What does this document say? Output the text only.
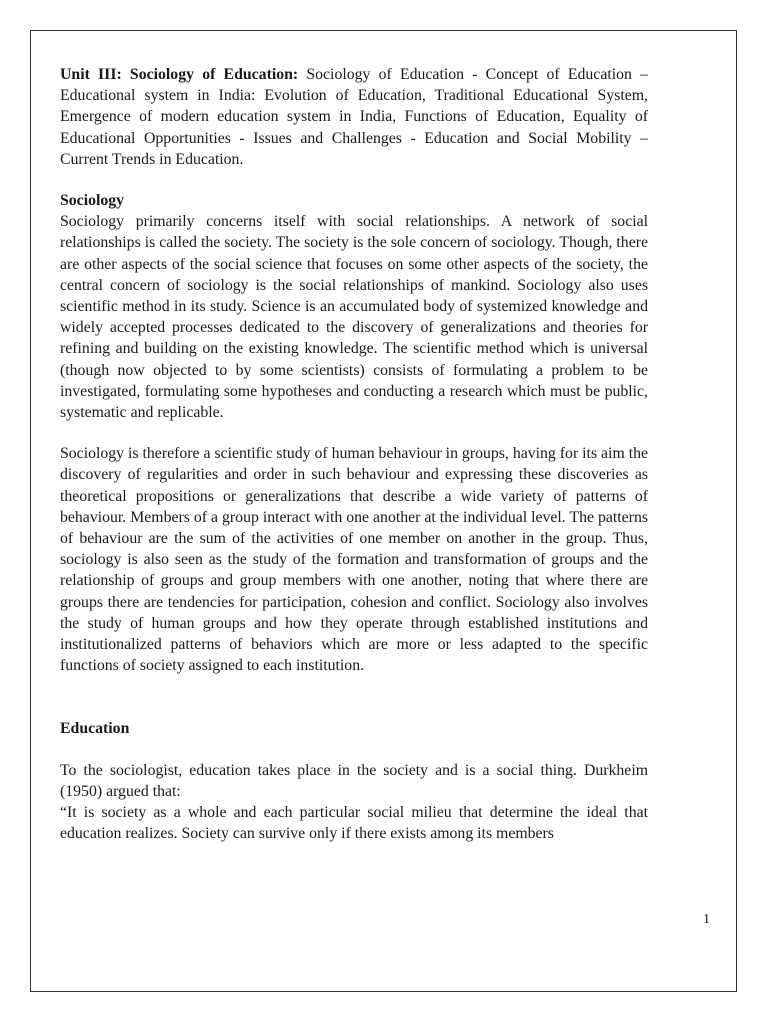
Unit III: Sociology of Education: Sociology of Education - Concept of Education – Educational system in India: Evolution of Education, Traditional Educational System, Emergence of modern education system in India, Functions of Education, Equality of Educational Opportunities - Issues and Challenges - Education and Social Mobility – Current Trends in Education.

Sociology

Sociology primarily concerns itself with social relationships. A network of social relationships is called the society. The society is the sole concern of sociology. Though, there are other aspects of the social science that focuses on some other aspects of the society, the central concern of sociology is the social relationships of mankind. Sociology also uses scientific method in its study. Science is an accumulated body of systemized knowledge and widely accepted processes dedicated to the discovery of generalizations and theories for refining and building on the existing knowledge. The scientific method which is universal (though now objected to by some scientists) consists of formulating a problem to be investigated, formulating some hypotheses and conducting a research which must be public, systematic and replicable.

Sociology is therefore a scientific study of human behaviour in groups, having for its aim the discovery of regularities and order in such behaviour and expressing these discoveries as theoretical propositions or generalizations that describe a wide variety of patterns of behaviour. Members of a group interact with one another at the individual level. The patterns of behaviour are the sum of the activities of one member on another in the group. Thus, sociology is also seen as the study of the formation and transformation of groups and the relationship of groups and group members with one another, noting that where there are groups there are tendencies for participation, cohesion and conflict. Sociology also involves the study of human groups and how they operate through established institutions and institutionalized patterns of behaviors which are more or less adapted to the specific functions of society assigned to each institution.

Education

To the sociologist, education takes place in the society and is a social thing. Durkheim (1950) argued that:

“It is society as a whole and each particular social milieu that determine the ideal that education realizes. Society can survive only if there exists among its members

1
